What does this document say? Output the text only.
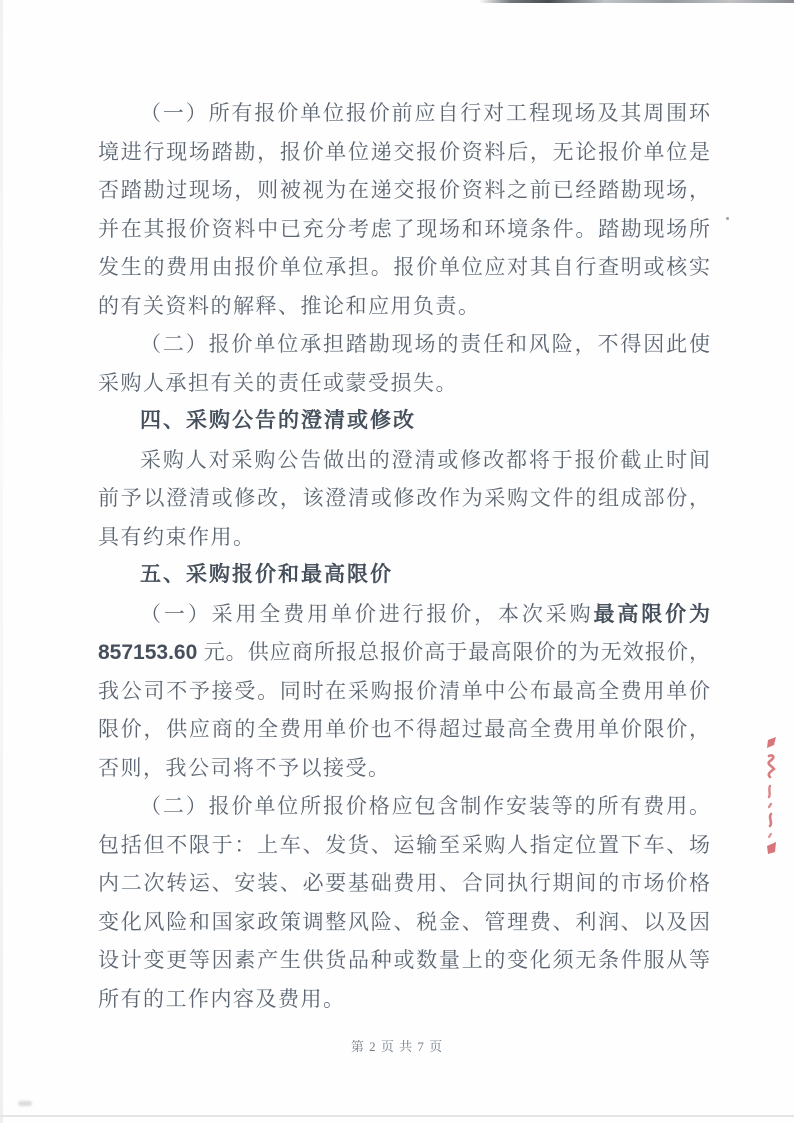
（一）所有报价单位报价前应自行对工程现场及其周围环
境进行现场踏勘，报价单位递交报价资料后，无论报价单位是
否踏勘过现场，则被视为在递交报价资料之前已经踏勘现场，
并在其报价资料中已充分考虑了现场和环境条件。踏勘现场所
发生的费用由报价单位承担。报价单位应对其自行查明或核实
的有关资料的解释、推论和应用负责。
（二）报价单位承担踏勘现场的责任和风险，不得因此使
采购人承担有关的责任或蒙受损失。
四、采购公告的澄清或修改
采购人对采购公告做出的澄清或修改都将于报价截止时间
前予以澄清或修改，该澄清或修改作为采购文件的组成部份，
具有约束作用。
五、采购报价和最高限价
（一）采用全费用单价进行报价，本次采购最高限价为
857153.60 元。供应商所报总报价高于最高限价的为无效报价，
我公司不予接受。同时在采购报价清单中公布最高全费用单价
限价，供应商的全费用单价也不得超过最高全费用单价限价，
否则，我公司将不予以接受。
（二）报价单位所报价格应包含制作安装等的所有费用。
包括但不限于：上车、发货、运输至采购人指定位置下车、场
内二次转运、安装、必要基础费用、合同执行期间的市场价格
变化风险和国家政策调整风险、税金、管理费、利润、以及因
设计变更等因素产生供货品种或数量上的变化须无条件服从等
所有的工作内容及费用。
第 2 页 共 7 页
